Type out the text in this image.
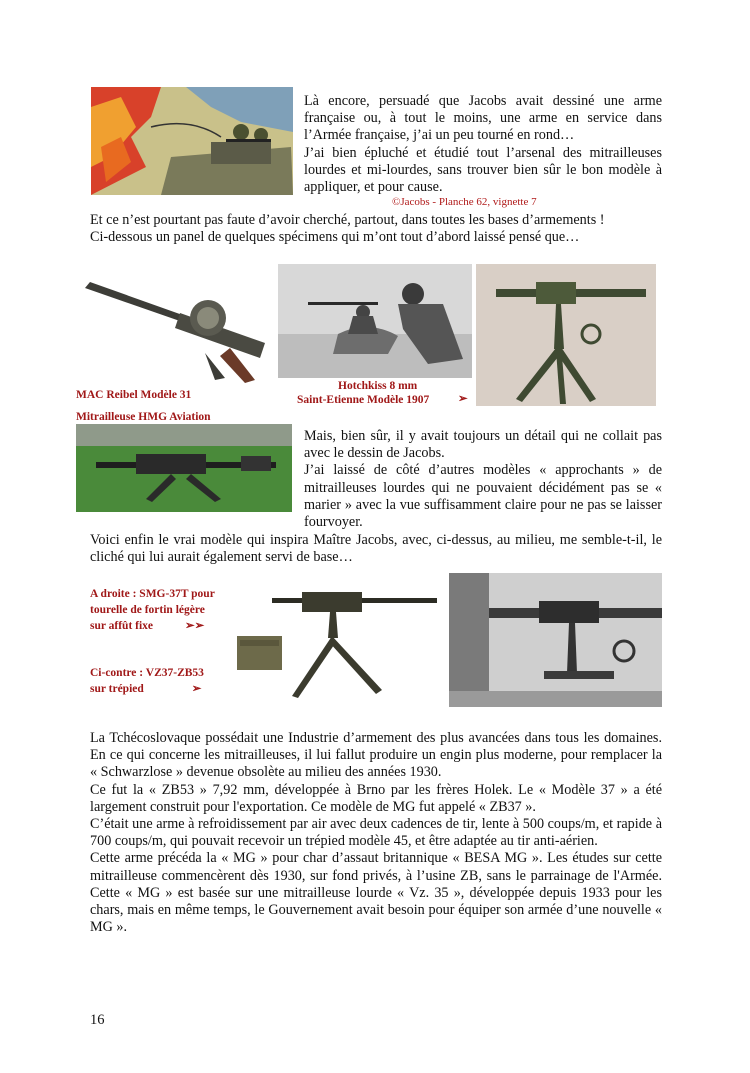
Là encore, persuadé que Jacobs avait dessiné une arme française ou, à tout le moins, une arme en service dans l’Armée française, j’ai un peu tourné en rond…

J’ai bien épluché et étudié tout l’arsenal des mitrailleuses lourdes et mi-lourdes, sans trouver bien sûr le bon modèle à appliquer, et pour cause.

©Jacobs - Planche 62, vignette 7

Et ce n’est pourtant pas faute d’avoir cherché, partout, dans toutes les bases d’armements !

Ci-dessous un panel de quelques spécimens qui m’ont tout d’abord laissé pensé que…

MAC Reibel Modèle 31
Hotchkiss 8 mm
Saint-Etienne Modèle 1907	➢
Mitrailleuse HMG Aviation

Mais, bien sûr, il y avait toujours un détail qui ne collait pas avec le dessin de Jacobs.

J’ai laissé de côté d’autres modèles « approchants » de mitrailleuses lourdes qui ne pouvaient décidément pas se « marier » avec la vue suffisamment claire pour ne pas se laisser fourvoyer.

Voici enfin le vrai modèle qui inspira Maître Jacobs, avec, ci-dessus, au milieu, me semble-t-il, le cliché qui lui aurait également servi de base…

A droite : SMG-37T pour
tourelle de fortin légère
sur affût fixe	➢➢
Ci-contre : VZ37-ZB53
sur trépied	➢

La Tchécoslovaque possédait une Industrie d’armement des plus avancées dans tous les domaines. En ce qui concerne les mitrailleuses, il lui fallut produire un engin plus moderne, pour remplacer la « Schwarzlose » devenue obsolète au milieu des années 1930.

Ce fut la « ZB53 » 7,92 mm, développée à Brno par les frères Holek. Le « Modèle 37 » a été largement construit pour l'exportation. Ce modèle de MG fut appelé « ZB37 ».

C’était une arme à refroidissement par air avec deux cadences de tir, lente à 500 coups/m, et rapide à 700 coups/m, qui pouvait recevoir un trépied modèle 45, et être adaptée au tir anti-aérien.

Cette arme précéda la « MG » pour char d’assaut britannique « BESA MG ». Les études sur cette mitrailleuse commencèrent dès 1930, sur fond privés, à l’usine ZB, sans le parrainage de l'Armée. Cette « MG » est basée sur une mitrailleuse lourde « Vz. 35 », développée depuis 1933 pour les chars, mais en même temps, le Gouvernement avait besoin pour équiper son armée d’une nouvelle « MG ».

16
